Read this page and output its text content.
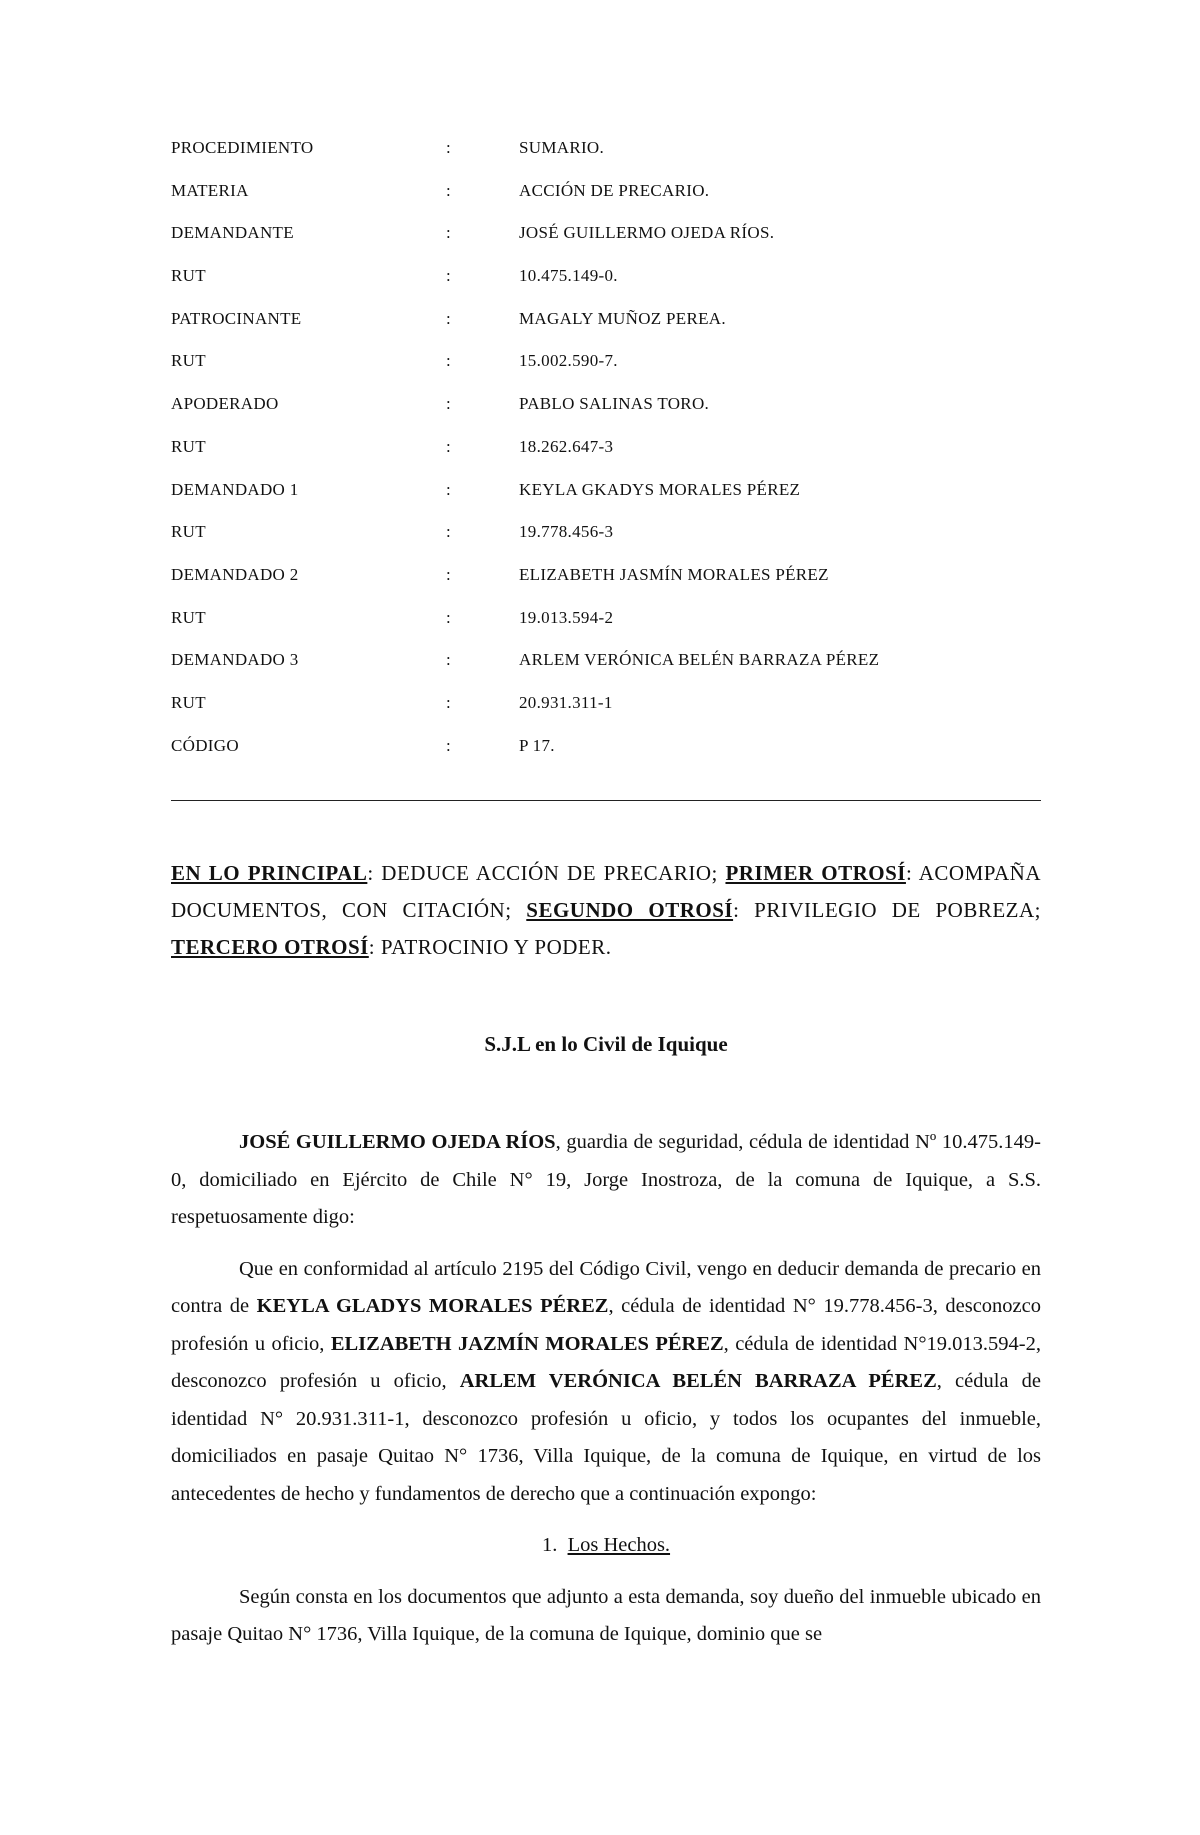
PROCEDIMIENTO	:	SUMARIO.
MATERIA	:	ACCIÓN DE PRECARIO.
DEMANDANTE	:	JOSÉ GUILLERMO OJEDA RÍOS.
RUT	:	10.475.149-0.
PATROCINANTE	:	MAGALY MUÑOZ PEREA.
RUT	:	15.002.590-7.
APODERADO	:	PABLO SALINAS TORO.
RUT	:	18.262.647-3
DEMANDADO 1	:	KEYLA GKADYS MORALES PÉREZ
RUT	:	19.778.456-3
DEMANDADO 2	:	ELIZABETH JASMÍN MORALES PÉREZ
RUT	:	19.013.594-2
DEMANDADO 3	:	ARLEM VERÓNICA BELÉN BARRAZA PÉREZ
RUT	:	20.931.311-1
CÓDIGO	:	P 17.
EN LO PRINCIPAL: DEDUCE ACCIÓN DE PRECARIO; PRIMER OTROSÍ: ACOMPAÑA DOCUMENTOS, CON CITACIÓN; SEGUNDO OTROSÍ: PRIVILEGIO DE POBREZA; TERCERO OTROSÍ: PATROCINIO Y PODER.
S.J.L en lo Civil de Iquique

JOSÉ GUILLERMO OJEDA RÍOS, guardia de seguridad, cédula de identidad Nº 10.475.149-0, domiciliado en Ejército de Chile N° 19, Jorge Inostroza, de la comuna de Iquique, a S.S. respetuosamente digo:

Que en conformidad al artículo 2195 del Código Civil, vengo en deducir demanda de precario en contra de KEYLA GLADYS MORALES PÉREZ, cédula de identidad N° 19.778.456-3, desconozco profesión u oficio, ELIZABETH JAZMÍN MORALES PÉREZ, cédula de identidad N°19.013.594-2, desconozco profesión u oficio, ARLEM VERÓNICA BELÉN BARRAZA PÉREZ, cédula de identidad N° 20.931.311-1, desconozco profesión u oficio, y todos los ocupantes del inmueble, domiciliados en pasaje Quitao N° 1736, Villa Iquique, de la comuna de Iquique, en virtud de los antecedentes de hecho y fundamentos de derecho que a continuación expongo:

1. Los Hechos.

Según consta en los documentos que adjunto a esta demanda, soy dueño del inmueble ubicado en pasaje Quitao N° 1736, Villa Iquique, de la comuna de Iquique, dominio que se
